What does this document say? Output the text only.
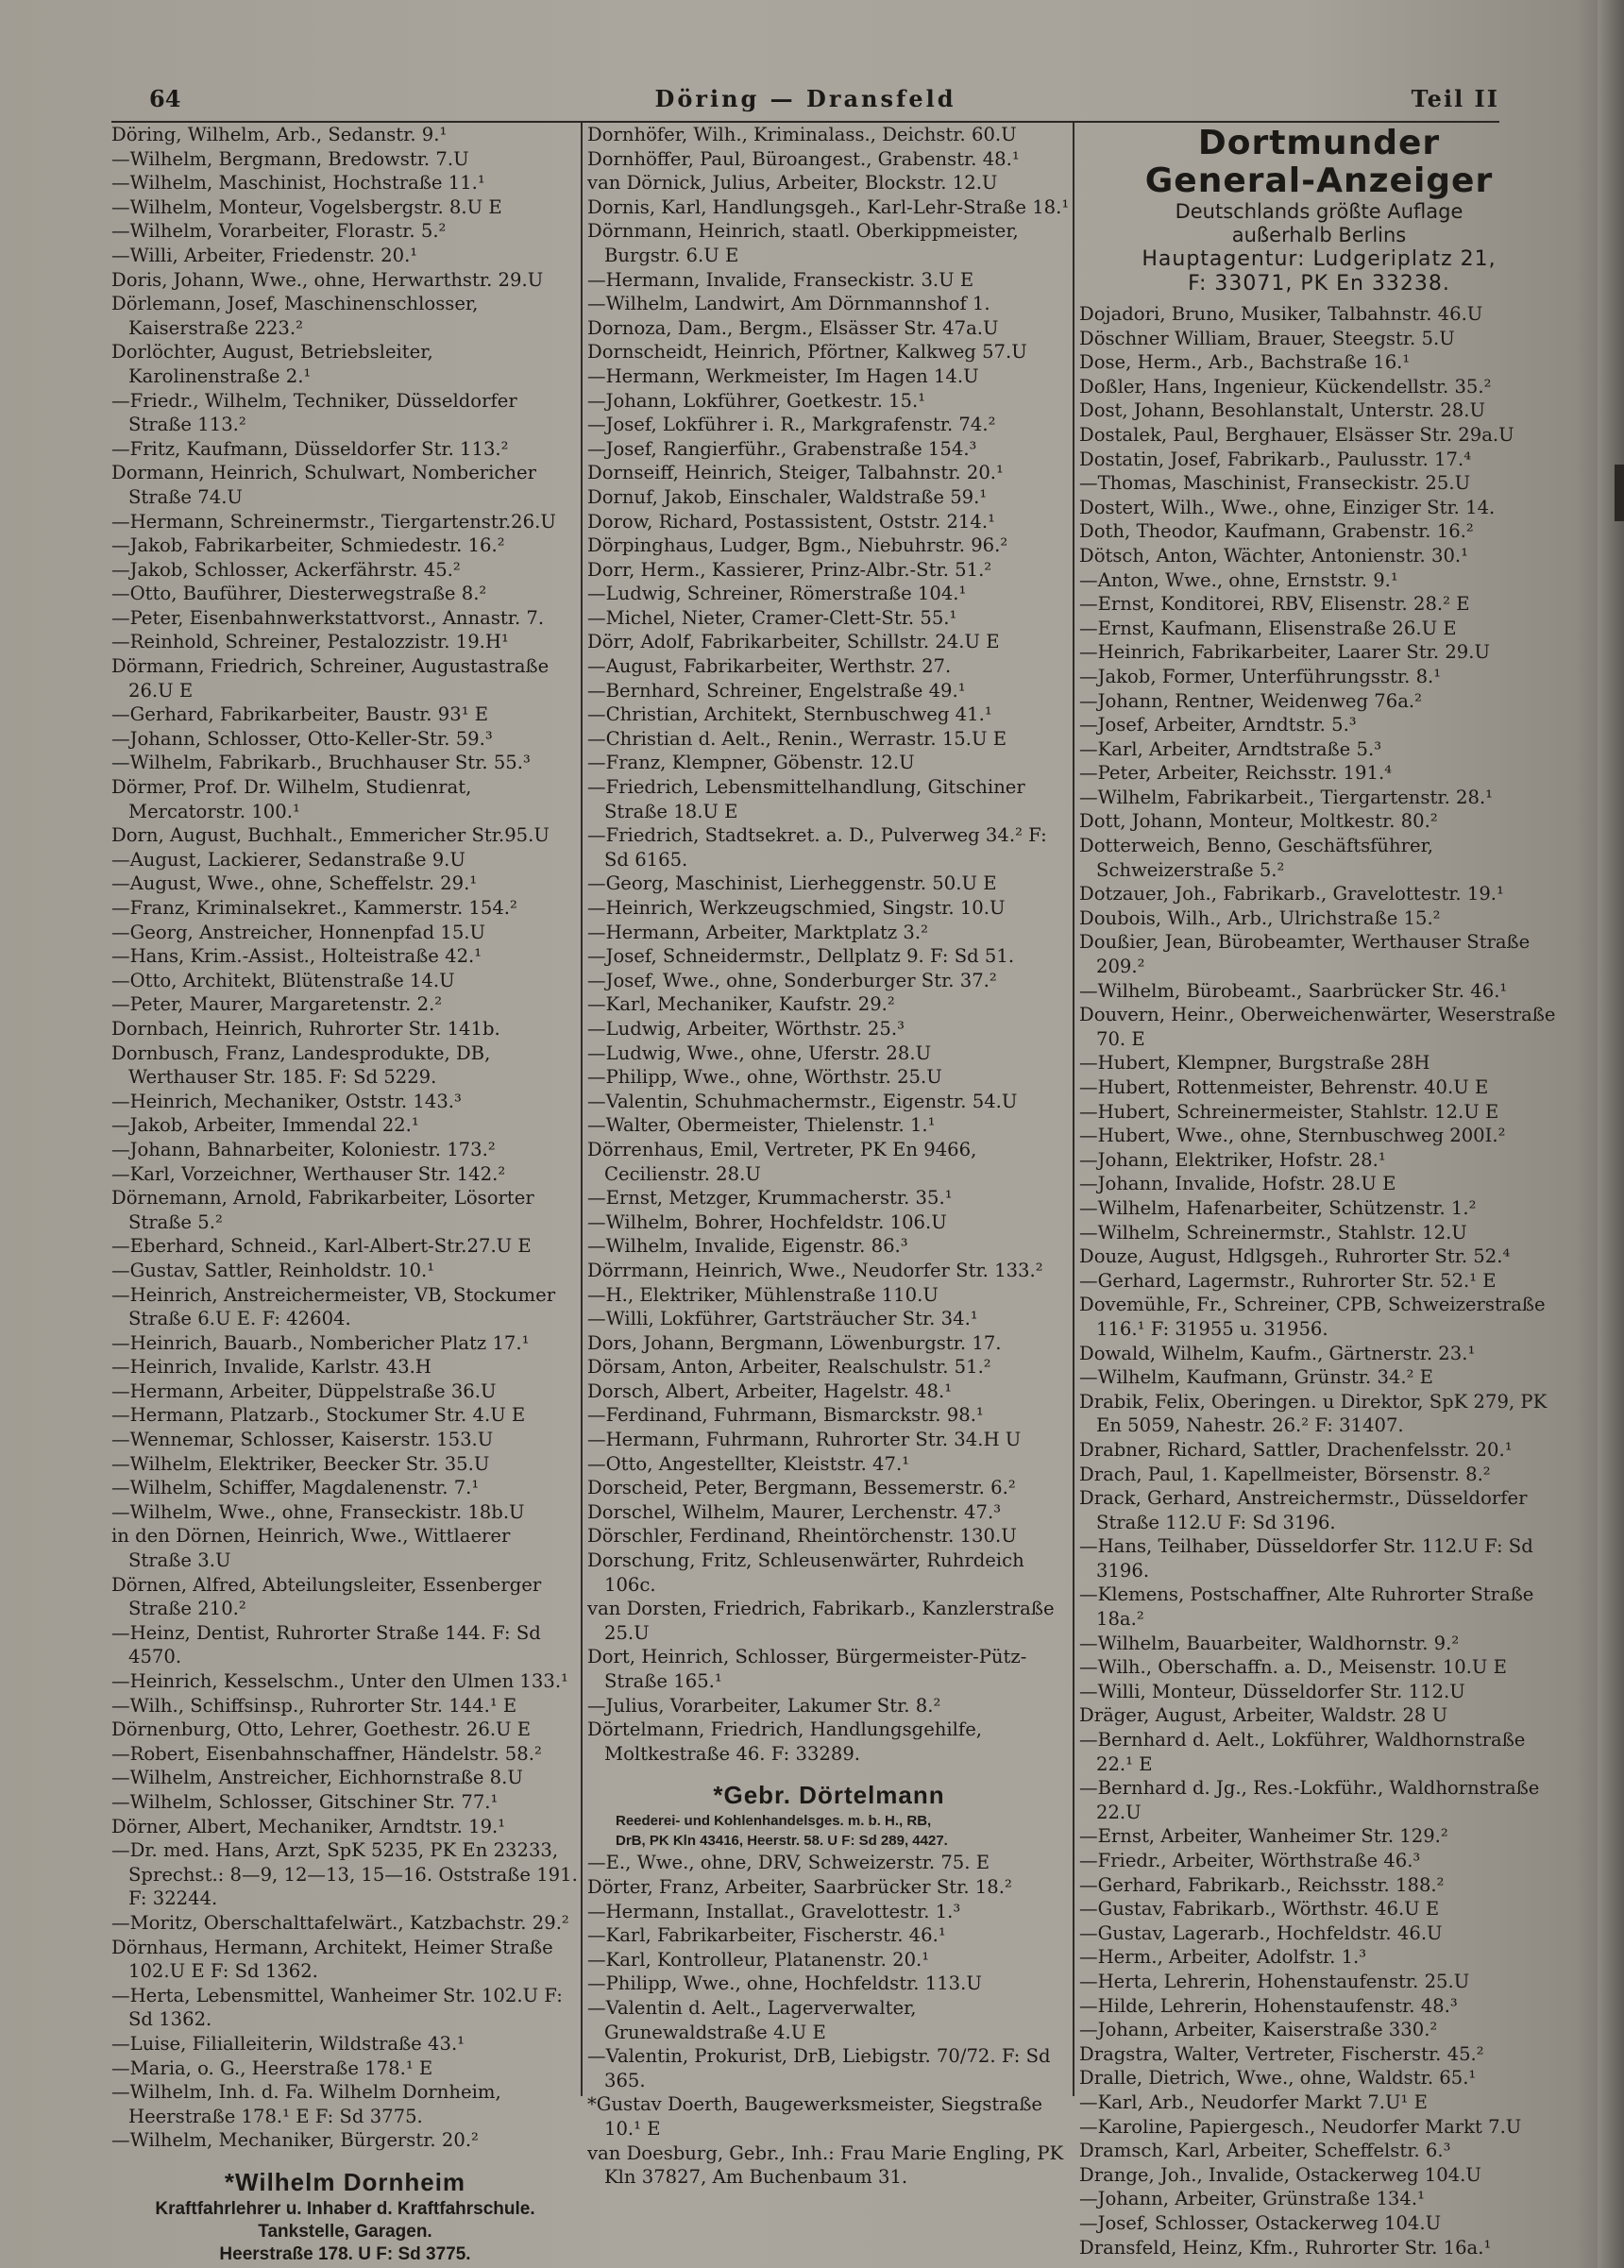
64	Döring — Dransfeld	Teil II
Döring, Wilhelm, Arb., Sedanstr. 9.¹
—Wilhelm, Bergmann, Bredowstr. 7.U
—Wilhelm, Maschinist, Hochstraße 11.¹
—Wilhelm, Monteur, Vogelsbergstr. 8.U E
—Wilhelm, Vorarbeiter, Florastr. 5.²
—Willi, Arbeiter, Friedenstr. 20.¹
Doris, Johann, Wwe., ohne, Herwarthstr. 29.U
Dörlemann, Josef, Maschinenschlosser, Kaiserstraße 223.²
Dorlöchter, August, Betriebsleiter, Karolinenstraße 2.¹
—Friedr., Wilhelm, Techniker, Düsseldorfer Straße 113.²
—Fritz, Kaufmann, Düsseldorfer Str. 113.²
Dormann, Heinrich, Schulwart, Nombericher Straße 74.U
—Hermann, Schreinermstr., Tiergartenstr.26.U
—Jakob, Fabrikarbeiter, Schmiedestr. 16.²
—Jakob, Schlosser, Ackerfährstr. 45.²
—Otto, Bauführer, Diesterwegstraße 8.²
—Peter, Eisenbahnwerkstattvorst., Annastr. 7.
—Reinhold, Schreiner, Pestalozzistr. 19.H¹
Dörmann, Friedrich, Schreiner, Augustastraße 26.U E
—Gerhard, Fabrikarbeiter, Baustr. 93¹ E
—Johann, Schlosser, Otto-Keller-Str. 59.³
—Wilhelm, Fabrikarb., Bruchhauser Str. 55.³
Dörmer, Prof. Dr. Wilhelm, Studienrat, Mercatorstr. 100.¹
Dorn, August, Buchhalt., Emmericher Str.95.U
—August, Lackierer, Sedanstraße 9.U
—August, Wwe., ohne, Scheffelstr. 29.¹
—Franz, Kriminalsekret., Kammerstr. 154.²
—Georg, Anstreicher, Honnenpfad 15.U
—Hans, Krim.-Assist., Holteistraße 42.¹
—Otto, Architekt, Blütenstraße 14.U
—Peter, Maurer, Margaretenstr. 2.²
Dornbach, Heinrich, Ruhrorter Str. 141b.
Dornbusch, Franz, Landesprodukte, DB, Werthauser Str. 185. F: Sd 5229.
—Heinrich, Mechaniker, Oststr. 143.³
—Jakob, Arbeiter, Immendal 22.¹
—Johann, Bahnarbeiter, Koloniestr. 173.²
—Karl, Vorzeichner, Werthauser Str. 142.²
Dörnemann, Arnold, Fabrikarbeiter, Lösorter Straße 5.²
—Eberhard, Schneid., Karl-Albert-Str.27.U E
—Gustav, Sattler, Reinholdstr. 10.¹
—Heinrich, Anstreichermeister, VB, Stockumer Straße 6.U E. F: 42604.
—Heinrich, Bauarb., Nombericher Platz 17.¹
—Heinrich, Invalide, Karlstr. 43.H
—Hermann, Arbeiter, Düppelstraße 36.U
—Hermann, Platzarb., Stockumer Str. 4.U E
—Wennemar, Schlosser, Kaiserstr. 153.U
—Wilhelm, Elektriker, Beecker Str. 35.U
—Wilhelm, Schiffer, Magdalenenstr. 7.¹
—Wilhelm, Wwe., ohne, Franseckistr. 18b.U
in den Dörnen, Heinrich, Wwe., Wittlaerer Straße 3.U
Dörnen, Alfred, Abteilungsleiter, Essenberger Straße 210.²
—Heinz, Dentist, Ruhrorter Straße 144. F: Sd 4570.
—Heinrich, Kesselschm., Unter den Ulmen 133.¹
—Wilh., Schiffsinsp., Ruhrorter Str. 144.¹ E
Dörnenburg, Otto, Lehrer, Goethestr. 26.U E
—Robert, Eisenbahnschaffner, Händelstr. 58.²
—Wilhelm, Anstreicher, Eichhornstraße 8.U
—Wilhelm, Schlosser, Gitschiner Str. 77.¹
Dörner, Albert, Mechaniker, Arndtstr. 19.¹
—Dr. med. Hans, Arzt, SpK 5235, PK En 23233, Sprechst.: 8—9, 12—13, 15—16. Oststraße 191. F: 32244.
—Moritz, Oberschalttafelwärt., Katzbachstr. 29.²
Dörnhaus, Hermann, Architekt, Heimer Straße 102.U E F: Sd 1362.
—Herta, Lebensmittel, Wanheimer Str. 102.U F: Sd 1362.
—Luise, Filialleiterin, Wildstraße 43.¹
—Maria, o. G., Heerstraße 178.¹ E
—Wilhelm, Inh. d. Fa. Wilhelm Dornheim, Heerstraße 178.¹ E F: Sd 3775.
—Wilhelm, Mechaniker, Bürgerstr. 20.²
*Wilhelm Dornheim
Kraftfahrlehrer u. Inhaber d. Kraftfahrschule. Tankstelle, Garagen.
Heerstraße 178. U F: Sd 3775.
Dornhöfer, Wilh., Kriminalass., Deichstr. 60.U
Dornhöffer, Paul, Büroangest., Grabenstr. 48.¹
van Dörnick, Julius, Arbeiter, Blockstr. 12.U
Dornis, Karl, Handlungsgeh., Karl-Lehr-Straße 18.¹
Dörnmann, Heinrich, staatl. Oberkippmeister, Burgstr. 6.U E
—Hermann, Invalide, Franseckistr. 3.U E
—Wilhelm, Landwirt, Am Dörnmannshof 1.
Dornoza, Dam., Bergm., Elsässer Str. 47a.U
Dornscheidt, Heinrich, Pförtner, Kalkweg 57.U
—Hermann, Werkmeister, Im Hagen 14.U
—Johann, Lokführer, Goetkestr. 15.¹
—Josef, Lokführer i. R., Markgrafenstr. 74.²
—Josef, Rangierführ., Grabenstraße 154.³
Dornseiff, Heinrich, Steiger, Talbahnstr. 20.¹
Dornuf, Jakob, Einschaler, Waldstraße 59.¹
Dorow, Richard, Postassistent, Oststr. 214.¹
Dörpinghaus, Ludger, Bgm., Niebuhrstr. 96.²
Dorr, Herm., Kassierer, Prinz-Albr.-Str. 51.²
—Ludwig, Schreiner, Römerstraße 104.¹
—Michel, Nieter, Cramer-Clett-Str. 55.¹
Dörr, Adolf, Fabrikarbeiter, Schillstr. 24.U E
—August, Fabrikarbeiter, Werthstr. 27.
—Bernhard, Schreiner, Engelstraße 49.¹
—Christian, Architekt, Sternbuschweg 41.¹
—Christian d. Aelt., Renin., Werrastr. 15.U E
—Franz, Klempner, Göbenstr. 12.U
—Friedrich, Lebensmittelhandlung, Gitschiner Straße 18.U E
—Friedrich, Stadtsekret. a. D., Pulverweg 34.² F: Sd 6165.
—Georg, Maschinist, Lierheggenstr. 50.U E
—Heinrich, Werkzeugschmied, Singstr. 10.U
—Hermann, Arbeiter, Marktplatz 3.²
—Josef, Schneidermstr., Dellplatz 9. F: Sd 51.
—Josef, Wwe., ohne, Sonderburger Str. 37.²
—Karl, Mechaniker, Kaufstr. 29.²
—Ludwig, Arbeiter, Wörthstr. 25.³
—Ludwig, Wwe., ohne, Uferstr. 28.U
—Philipp, Wwe., ohne, Wörthstr. 25.U
—Valentin, Schuhmachermstr., Eigenstr. 54.U
—Walter, Obermeister, Thielenstr. 1.¹
Dörrenhaus, Emil, Vertreter, PK En 9466, Cecilienstr. 28.U
—Ernst, Metzger, Krummacherstr. 35.¹
—Wilhelm, Bohrer, Hochfeldstr. 106.U
—Wilhelm, Invalide, Eigenstr. 86.³
Dörrmann, Heinrich, Wwe., Neudorfer Str. 133.²
—H., Elektriker, Mühlenstraße 110.U
—Willi, Lokführer, Gartsträucher Str. 34.¹
Dors, Johann, Bergmann, Löwenburgstr. 17.
Dörsam, Anton, Arbeiter, Realschulstr. 51.²
Dorsch, Albert, Arbeiter, Hagelstr. 48.¹
—Ferdinand, Fuhrmann, Bismarckstr. 98.¹
—Hermann, Fuhrmann, Ruhrorter Str. 34.H U
—Otto, Angestellter, Kleiststr. 47.¹
Dorscheid, Peter, Bergmann, Bessemerstr. 6.²
Dorschel, Wilhelm, Maurer, Lerchenstr. 47.³
Dörschler, Ferdinand, Rheintörchenstr. 130.U
Dorschung, Fritz, Schleusenwärter, Ruhrdeich 106c.
van Dorsten, Friedrich, Fabrikarb., Kanzlerstraße 25.U
Dort, Heinrich, Schlosser, Bürgermeister-Pütz-Straße 165.¹
—Julius, Vorarbeiter, Lakumer Str. 8.²
Dörtelmann, Friedrich, Handlungsgehilfe, Moltkestraße 46. F: 33289.
*Gebr. Dörtelmann
Reederei- und Kohlenhandelsges. m. b. H., RB,
DrB, PK Kln 43416, Heerstr. 58. U F: Sd 289, 4427.
—E., Wwe., ohne, DRV, Schweizerstr. 75. E
Dörter, Franz, Arbeiter, Saarbrücker Str. 18.²
—Hermann, Installat., Gravelottestr. 1.³
—Karl, Fabrikarbeiter, Fischerstr. 46.¹
—Karl, Kontrolleur, Platanenstr. 20.¹
—Philipp, Wwe., ohne, Hochfeldstr. 113.U
—Valentin d. Aelt., Lagerverwalter, Grunewaldstraße 4.U E
—Valentin, Prokurist, DrB, Liebigstr. 70/72. F: Sd 365.
*Gustav Doerth, Baugewerksmeister, Siegstraße 10.¹ E
van Doesburg, Gebr., Inh.: Frau Marie Engling, PK Kln 37827, Am Buchenbaum 31.
Dortmunder
General-Anzeiger
Deutschlands größte Auflage
außerhalb Berlins
Hauptagentur: Ludgeriplatz 21,
F: 33071, PK En 33238.
Dojadori, Bruno, Musiker, Talbahnstr. 46.U
Döschner William, Brauer, Steegstr. 5.U
Dose, Herm., Arb., Bachstraße 16.¹
Doßler, Hans, Ingenieur, Kückendellstr. 35.²
Dost, Johann, Besohlanstalt, Unterstr. 28.U
Dostalek, Paul, Berghauer, Elsässer Str. 29a.U
Dostatin, Josef, Fabrikarb., Paulusstr. 17.⁴
—Thomas, Maschinist, Franseckistr. 25.U
Dostert, Wilh., Wwe., ohne, Einziger Str. 14.
Doth, Theodor, Kaufmann, Grabenstr. 16.²
Dötsch, Anton, Wächter, Antonienstr. 30.¹
—Anton, Wwe., ohne, Ernststr. 9.¹
—Ernst, Konditorei, RBV, Elisenstr. 28.² E
—Ernst, Kaufmann, Elisenstraße 26.U E
—Heinrich, Fabrikarbeiter, Laarer Str. 29.U
—Jakob, Former, Unterführungsstr. 8.¹
—Johann, Rentner, Weidenweg 76a.²
—Josef, Arbeiter, Arndtstr. 5.³
—Karl, Arbeiter, Arndtstraße 5.³
—Peter, Arbeiter, Reichsstr. 191.⁴
—Wilhelm, Fabrikarbeit., Tiergartenstr. 28.¹
Dott, Johann, Monteur, Moltkestr. 80.²
Dotterweich, Benno, Geschäftsführer, Schweizerstraße 5.²
Dotzauer, Joh., Fabrikarb., Gravelottestr. 19.¹
Doubois, Wilh., Arb., Ulrichstraße 15.²
Doußier, Jean, Bürobeamter, Werthauser Straße 209.²
—Wilhelm, Bürobeamt., Saarbrücker Str. 46.¹
Douvern, Heinr., Oberweichenwärter, Weserstraße 70. E
—Hubert, Klempner, Burgstraße 28H
—Hubert, Rottenmeister, Behrenstr. 40.U E
—Hubert, Schreinermeister, Stahlstr. 12.U E
—Hubert, Wwe., ohne, Sternbuschweg 200I.²
—Johann, Elektriker, Hofstr. 28.¹
—Johann, Invalide, Hofstr. 28.U E
—Wilhelm, Hafenarbeiter, Schützenstr. 1.²
—Wilhelm, Schreinermstr., Stahlstr. 12.U
Douze, August, Hdlgsgeh., Ruhrorter Str. 52.⁴
—Gerhard, Lagermstr., Ruhrorter Str. 52.¹ E
Dovemühle, Fr., Schreiner, CPB, Schweizerstraße 116.¹ F: 31955 u. 31956.
Dowald, Wilhelm, Kaufm., Gärtnerstr. 23.¹
—Wilhelm, Kaufmann, Grünstr. 34.² E
Drabik, Felix, Oberingen. u Direktor, SpK 279, PK En 5059, Nahestr. 26.² F: 31407.
Drabner, Richard, Sattler, Drachenfelsstr. 20.¹
Drach, Paul, 1. Kapellmeister, Börsenstr. 8.²
Drack, Gerhard, Anstreichermstr., Düsseldorfer Straße 112.U F: Sd 3196.
—Hans, Teilhaber, Düsseldorfer Str. 112.U F: Sd 3196.
—Klemens, Postschaffner, Alte Ruhrorter Straße 18a.²
—Wilhelm, Bauarbeiter, Waldhornstr. 9.²
—Wilh., Oberschaffn. a. D., Meisenstr. 10.U E
—Willi, Monteur, Düsseldorfer Str. 112.U
Dräger, August, Arbeiter, Waldstr. 28 U
—Bernhard d. Aelt., Lokführer, Waldhornstraße 22.¹ E
—Bernhard d. Jg., Res.-Lokführ., Waldhornstraße 22.U
—Ernst, Arbeiter, Wanheimer Str. 129.²
—Friedr., Arbeiter, Wörthstraße 46.³
—Gerhard, Fabrikarb., Reichsstr. 188.²
—Gustav, Fabrikarb., Wörthstr. 46.U E
—Gustav, Lagerarb., Hochfeldstr. 46.U
—Herm., Arbeiter, Adolfstr. 1.³
—Herta, Lehrerin, Hohenstaufenstr. 25.U
—Hilde, Lehrerin, Hohenstaufenstr. 48.³
—Johann, Arbeiter, Kaiserstraße 330.²
Dragstra, Walter, Vertreter, Fischerstr. 45.²
Dralle, Dietrich, Wwe., ohne, Waldstr. 65.¹
—Karl, Arb., Neudorfer Markt 7.U¹ E
—Karoline, Papiergesch., Neudorfer Markt 7.U
Dramsch, Karl, Arbeiter, Scheffelstr. 6.³
Drange, Joh., Invalide, Ostackerweg 104.U
—Johann, Arbeiter, Grünstraße 134.¹
—Josef, Schlosser, Ostackerweg 104.U
Dransfeld, Heinz, Kfm., Ruhrorter Str. 16a.¹
